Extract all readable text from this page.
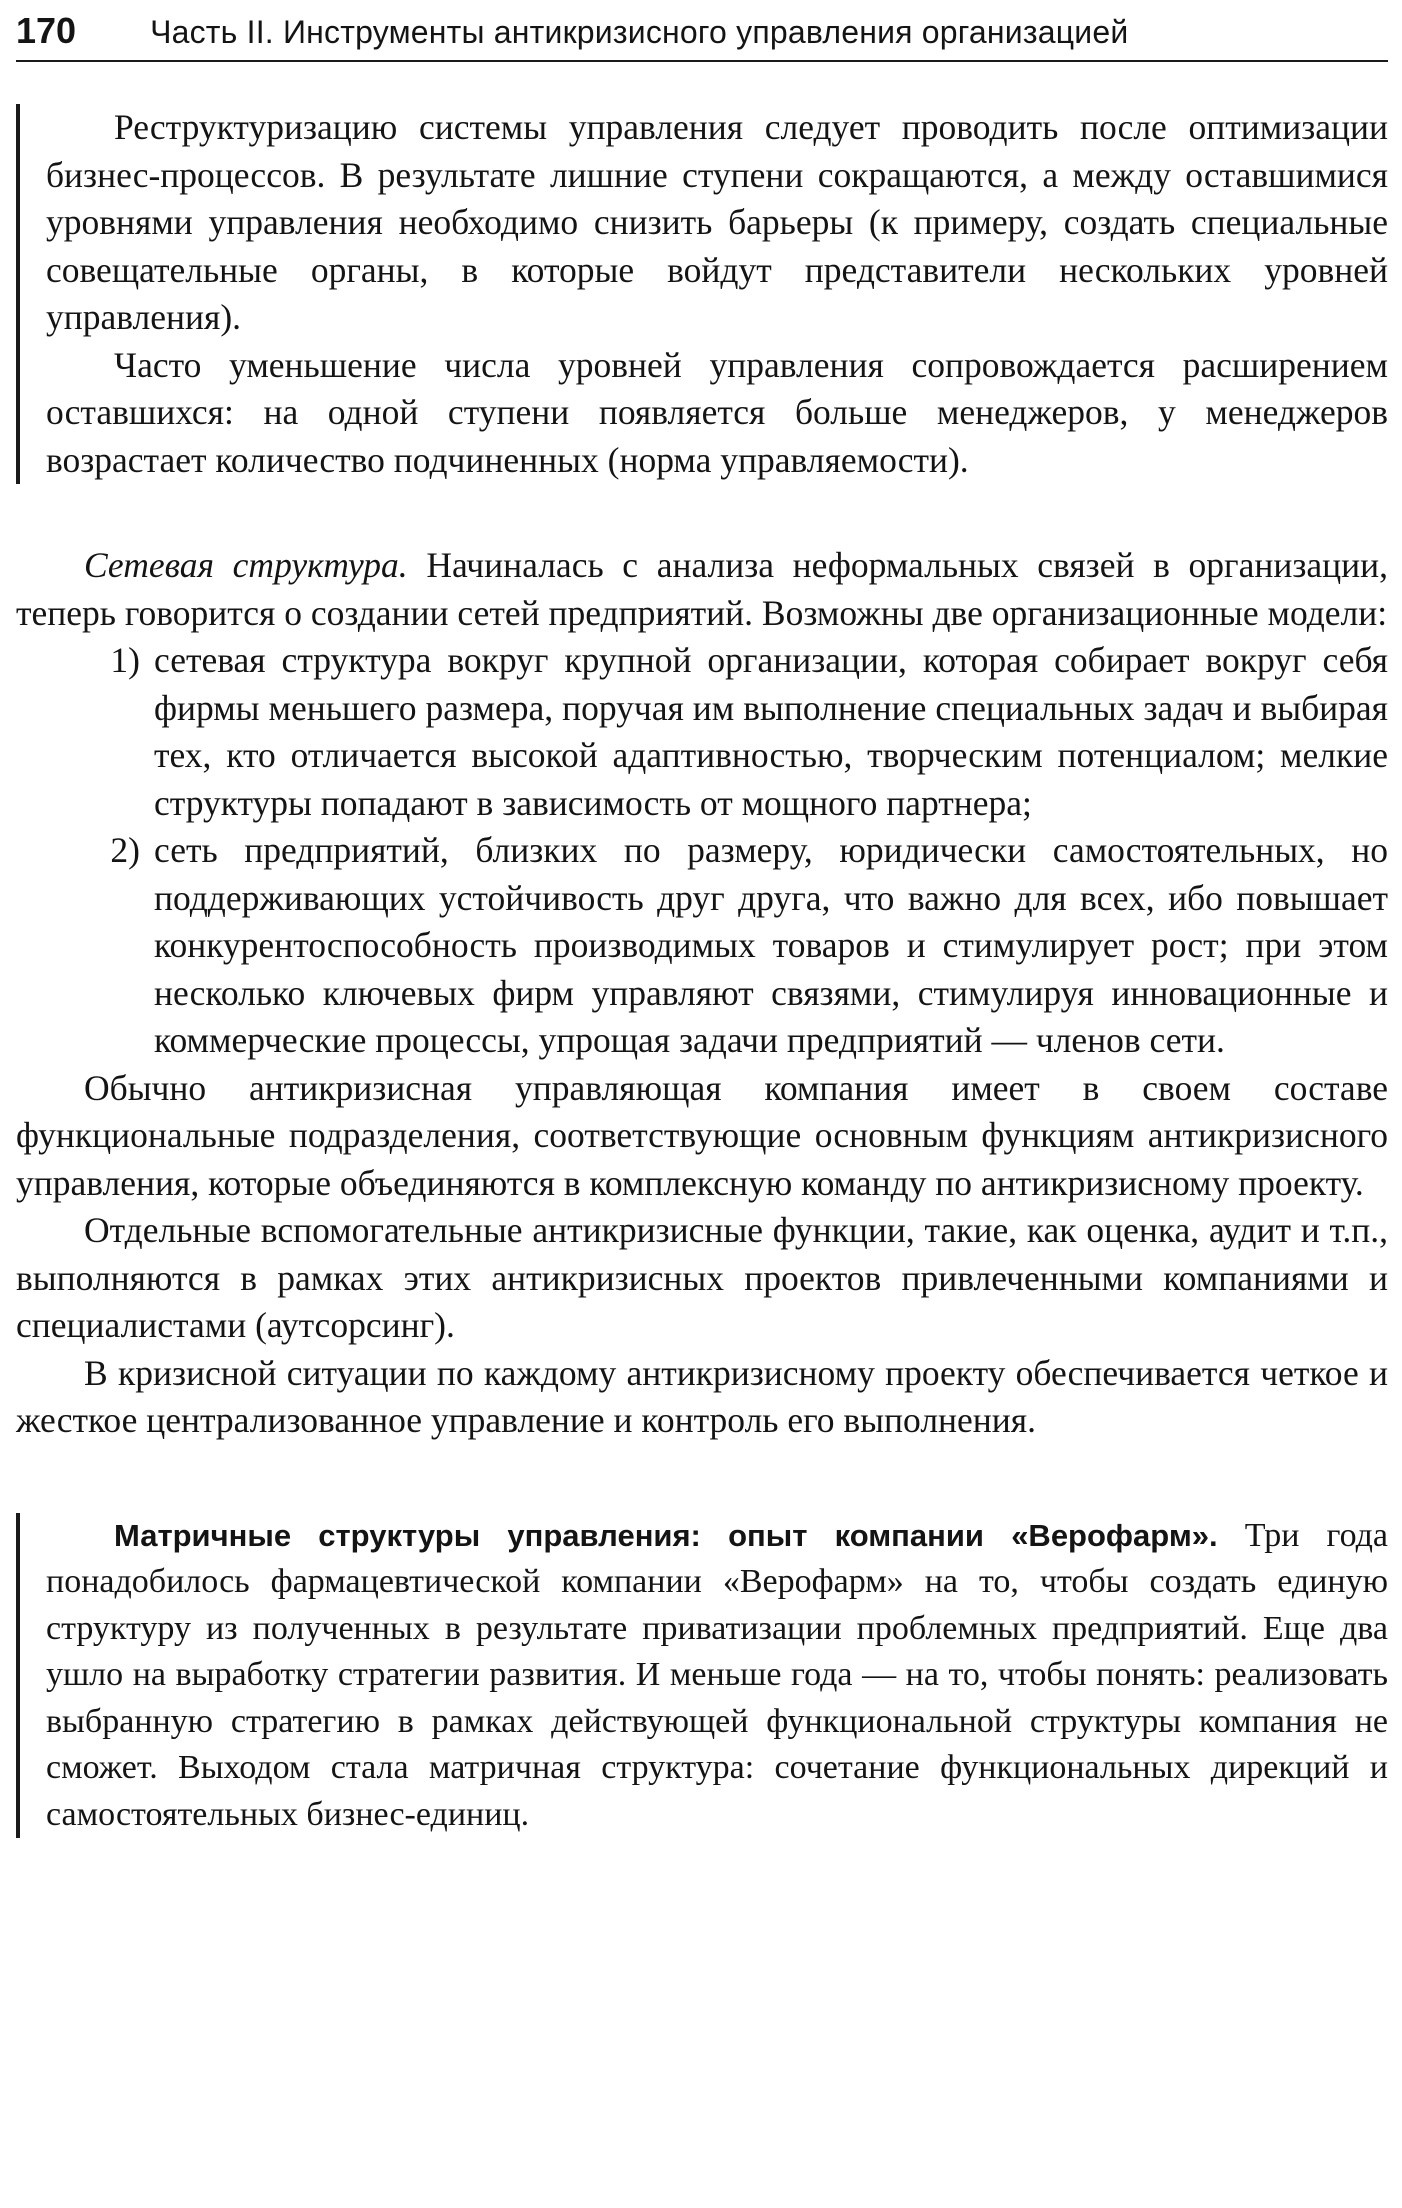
170 Часть II. Инструменты антикризисного управления организацией

Реструктуризацию системы управления следует проводить после оптимизации бизнес-процессов. В результате лишние ступени сокращаются, а между оставшимися уровнями управления необходимо снизить барьеры (к примеру, создать специальные совещательные органы, в которые войдут представители нескольких уровней управления).

Часто уменьшение числа уровней управления сопровождается расширением оставшихся: на одной ступени появляется больше менеджеров, у менеджеров возрастает количество подчиненных (норма управляемости).

Сетевая структура. Начиналась с анализа неформальных связей в организации, теперь говорится о создании сетей предприятий. Возможны две организационные модели:

1) сетевая структура вокруг крупной организации, которая собирает вокруг себя фирмы меньшего размера, поручая им выполнение специальных задач и выбирая тех, кто отличается высокой адаптивностью, творческим потенциалом; мелкие структуры попадают в зависимость от мощного партнера;
2) сеть предприятий, близких по размеру, юридически самостоятельных, но поддерживающих устойчивость друг друга, что важно для всех, ибо повышает конкурентоспособность производимых товаров и стимулирует рост; при этом несколько ключевых фирм управляют связями, стимулируя инновационные и коммерческие процессы, упрощая задачи предприятий — членов сети.

Обычно антикризисная управляющая компания имеет в своем составе функциональные подразделения, соответствующие основным функциям антикризисного управления, которые объединяются в комплексную команду по антикризисному проекту.

Отдельные вспомогательные антикризисные функции, такие, как оценка, аудит и т.п., выполняются в рамках этих антикризисных проектов привлеченными компаниями и специалистами (аутсорсинг).

В кризисной ситуации по каждому антикризисному проекту обеспечивается четкое и жесткое централизованное управление и контроль его выполнения.

Матричные структуры управления: опыт компании «Верофарм». Три года понадобилось фармацевтической компании «Верофарм» на то, чтобы создать единую структуру из полученных в результате приватизации проблемных предприятий. Еще два ушло на выработку стратегии развития. И меньше года — на то, чтобы понять: реализовать выбранную стратегию в рамках действующей функциональной структуры компания не сможет. Выходом стала матричная структура: сочетание функциональных дирекций и самостоятельных бизнес-единиц.
